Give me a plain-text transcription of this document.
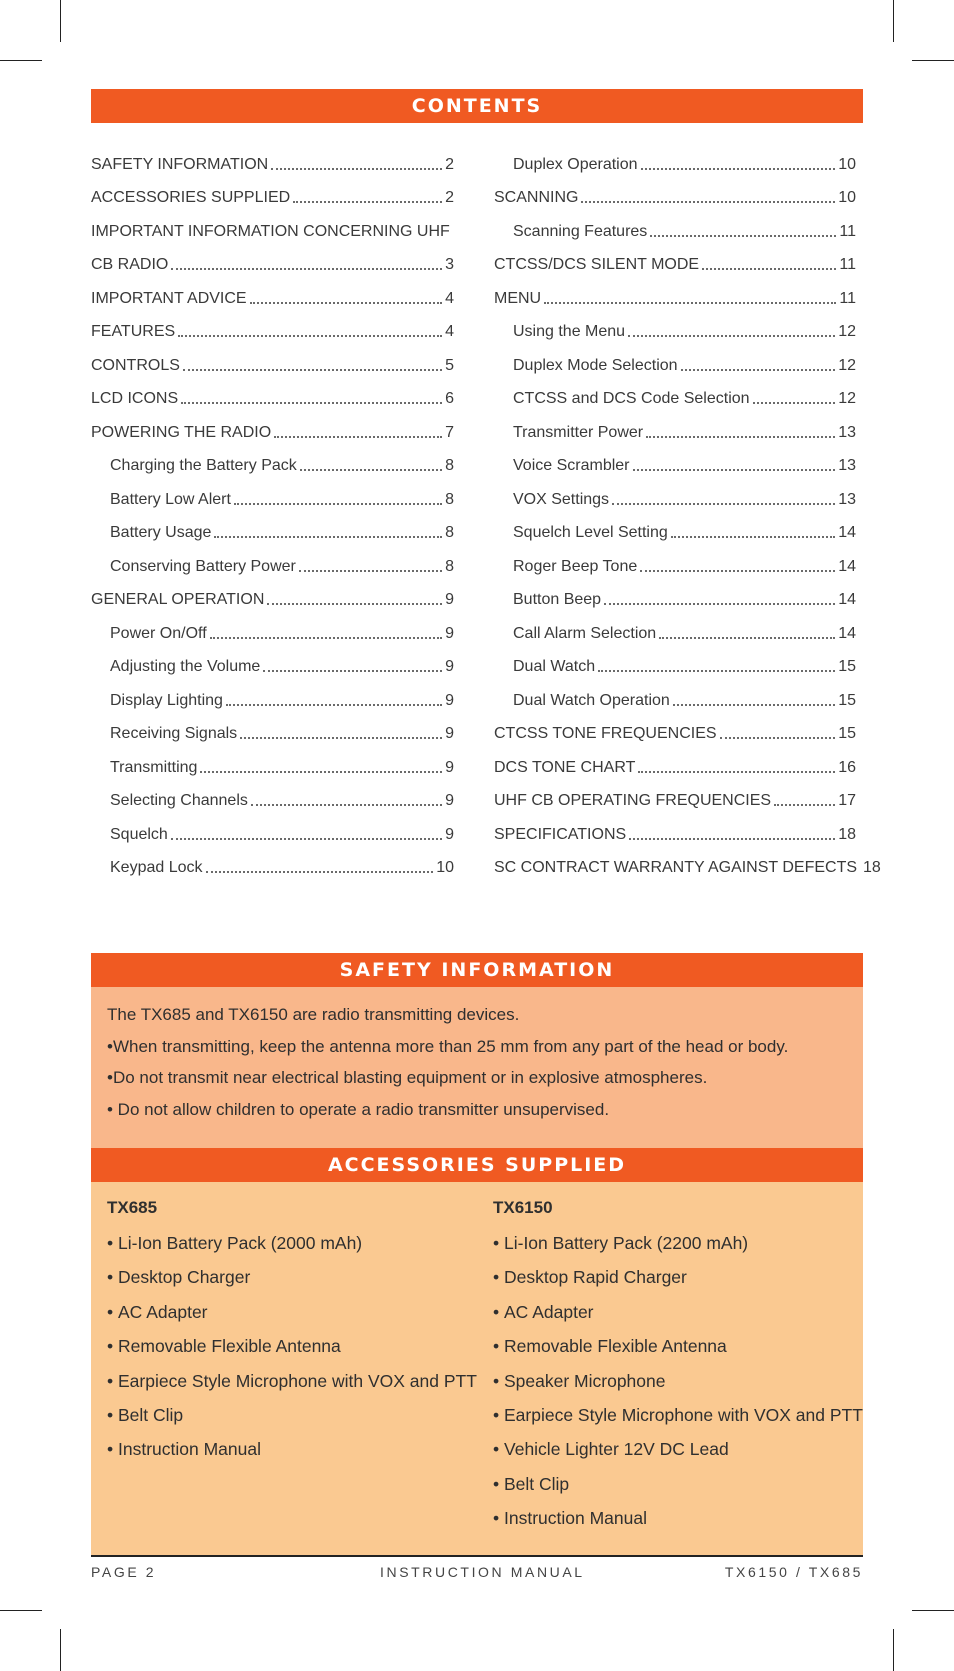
CONTENTS
SAFETY INFORMATION	2
ACCESSORIES SUPPLIED	2
IMPORTANT INFORMATION CONCERNING UHF
CB RADIO	3
IMPORTANT ADVICE	4
FEATURES	4
CONTROLS	5
LCD ICONS	6
POWERING THE RADIO	7
Charging the Battery Pack	8
Battery Low Alert	8
Battery Usage	8
Conserving Battery Power	8
GENERAL OPERATION	9
Power On/Off	9
Adjusting the Volume	9
Display Lighting	9
Receiving Signals	9
Transmitting	9
Selecting Channels	9
Squelch	9
Keypad Lock	10
Duplex Operation	10
SCANNING	10
Scanning Features	11
CTCSS/DCS SILENT MODE	11
MENU	11
Using the Menu	12
Duplex Mode Selection	12
CTCSS and DCS Code Selection	12
Transmitter Power	13
Voice Scrambler	13
VOX Settings	13
Squelch Level Setting	14
Roger Beep Tone	14
Button Beep	14
Call Alarm Selection	14
Dual Watch	15
Dual Watch Operation	15
CTCSS TONE FREQUENCIES	15
DCS TONE CHART	16
UHF CB OPERATING FREQUENCIES	17
SPECIFICATIONS	18
SC CONTRACT WARRANTY AGAINST DEFECTS 18
SAFETY INFORMATION
The TX685 and TX6150 are radio transmitting devices.
•When transmitting, keep the antenna more than 25 mm from any part of the head or body.
•Do not transmit near electrical blasting equipment or in explosive atmospheres.
• Do not allow children to operate a radio transmitter unsupervised.
ACCESSORIES SUPPLIED
TX685
• Li-Ion Battery Pack (2000 mAh)
• Desktop Charger
• AC Adapter
• Removable Flexible Antenna
• Earpiece Style Microphone with VOX and PTT
• Belt Clip
• Instruction Manual
TX6150
• Li-Ion Battery Pack (2200 mAh)
• Desktop Rapid Charger
• AC Adapter
• Removable Flexible Antenna
• Speaker Microphone
• Earpiece Style Microphone with VOX and PTT
• Vehicle Lighter 12V DC Lead
• Belt Clip
• Instruction Manual
PAGE 2	INSTRUCTION MANUAL	TX6150 / TX685
